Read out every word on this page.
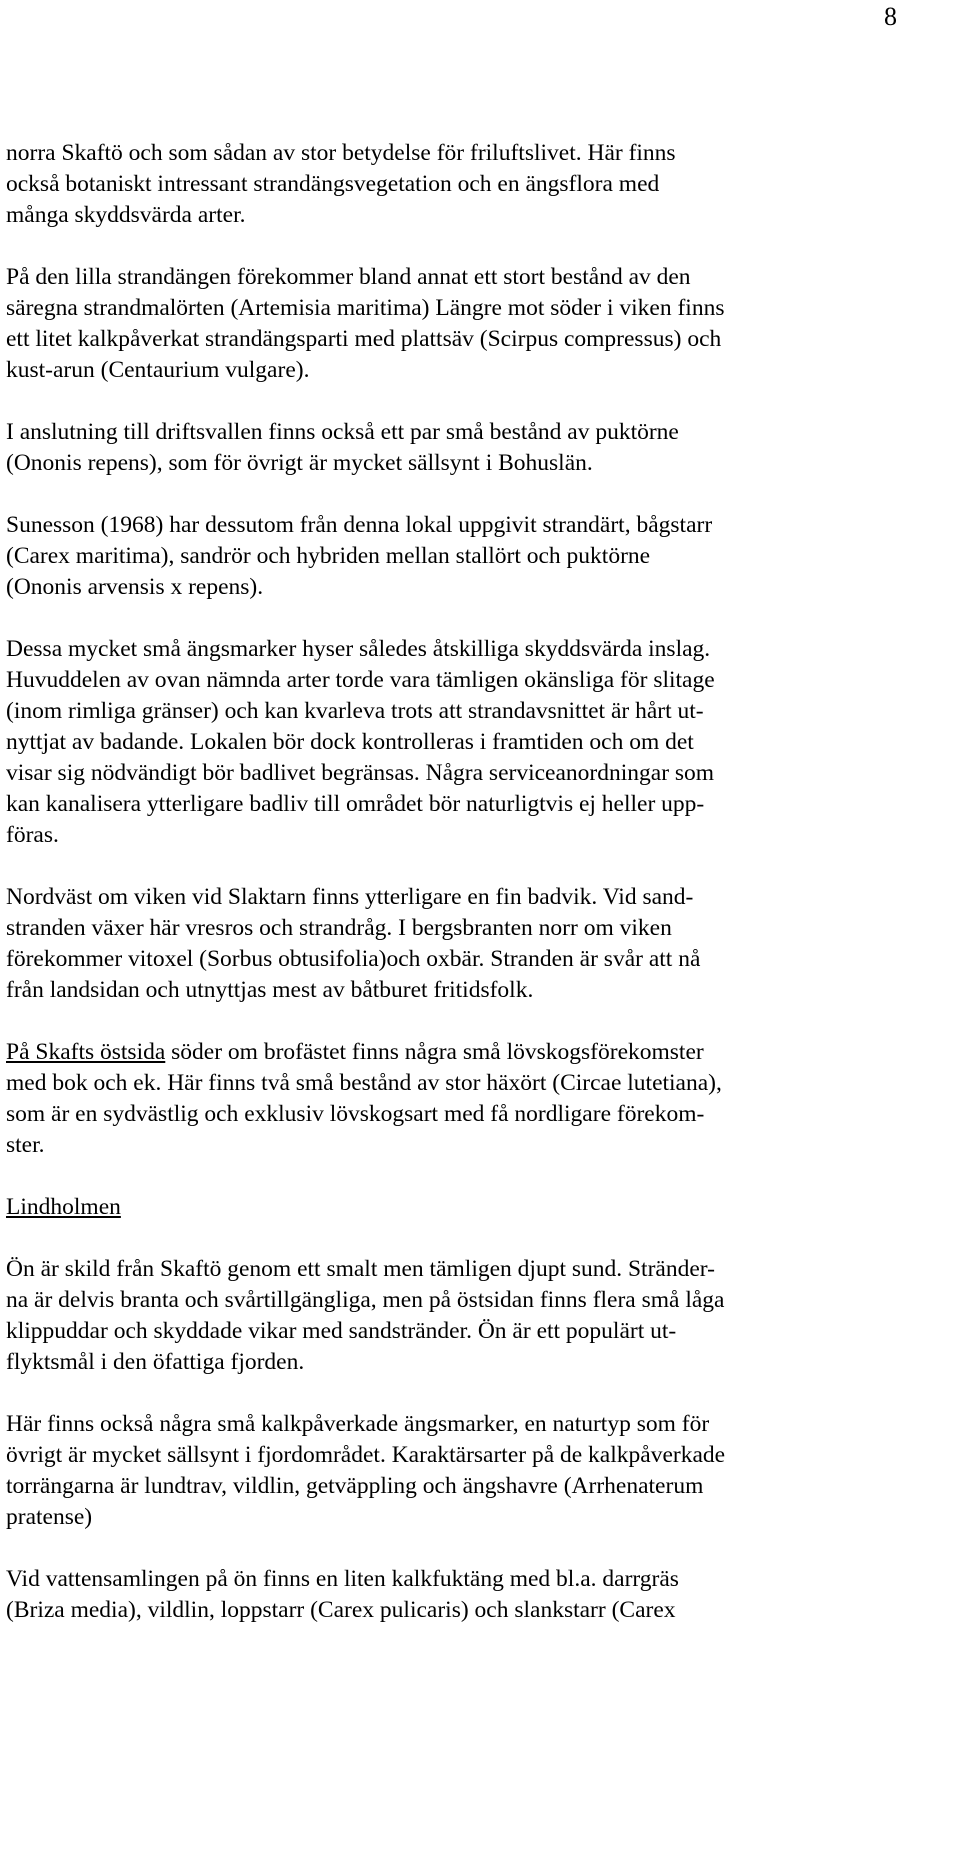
8

norra Skaftö och som sådan av stor betydelse för friluftslivet. Här finns
också botaniskt intressant strandängsvegetation och en ängsflora med
många skyddsvärda arter.

På den lilla strandängen förekommer bland annat ett stort bestånd av den
säregna strandmalörten (Artemisia maritima) Längre mot söder i viken finns
ett litet kalkpåverkat strandängsparti med plattsäv (Scirpus compressus) och
kust-arun (Centaurium vulgare).

I anslutning till driftsvallen finns också ett par små bestånd av puktörne
(Ononis repens), som för övrigt är mycket sällsynt i Bohuslän.

Sunesson (1968) har dessutom från denna lokal uppgivit strandärt, bågstarr
(Carex maritima), sandrör och hybriden mellan stallört och puktörne
(Ononis arvensis x repens).

Dessa mycket små ängsmarker hyser således åtskilliga skyddsvärda inslag.
Huvuddelen av ovan nämnda arter torde vara tämligen okänsliga för slitage
(inom rimliga gränser) och kan kvarleva trots att strandavsnittet är hårt ut-
nyttjat av badande. Lokalen bör dock kontrolleras i framtiden och om det
visar sig nödvändigt bör badlivet begränsas. Några serviceanordningar som
kan kanalisera ytterligare badliv till området bör naturligtvis ej heller upp-
föras.

Nordväst om viken vid Slaktarn finns ytterligare en fin badvik. Vid sand-
stranden växer här vresros och strandråg. I bergsbranten norr om viken
förekommer vitoxel (Sorbus obtusifolia)och oxbär. Stranden är svår att nå
från landsidan och utnyttjas mest av båtburet fritidsfolk.

På Skafts östsida söder om brofästet finns några små lövskogsförekomster
med bok och ek. Här finns två små bestånd av stor häxört (Circae lutetiana),
som är en sydvästlig och exklusiv lövskogsart med få nordligare förekom-
ster.

Lindholmen

Ön är skild från Skaftö genom ett smalt men tämligen djupt sund. Stränder-
na är delvis branta och svårtillgängliga, men på östsidan finns flera små låga
klippuddar och skyddade vikar med sandstränder. Ön är ett populärt ut-
flyktsmål i den öfattiga fjorden.

Här finns också några små kalkpåverkade ängsmarker, en naturtyp som för
övrigt är mycket sällsynt i fjordområdet. Karaktärsarter på de kalkpåverkade
torrängarna är lundtrav, vildlin, getväppling och ängshavre (Arrhenaterum
pratense)

Vid vattensamlingen på ön finns en liten kalkfuktäng med bl.a. darrgräs
(Briza media), vildlin, loppstarr (Carex pulicaris) och slankstarr (Carex
